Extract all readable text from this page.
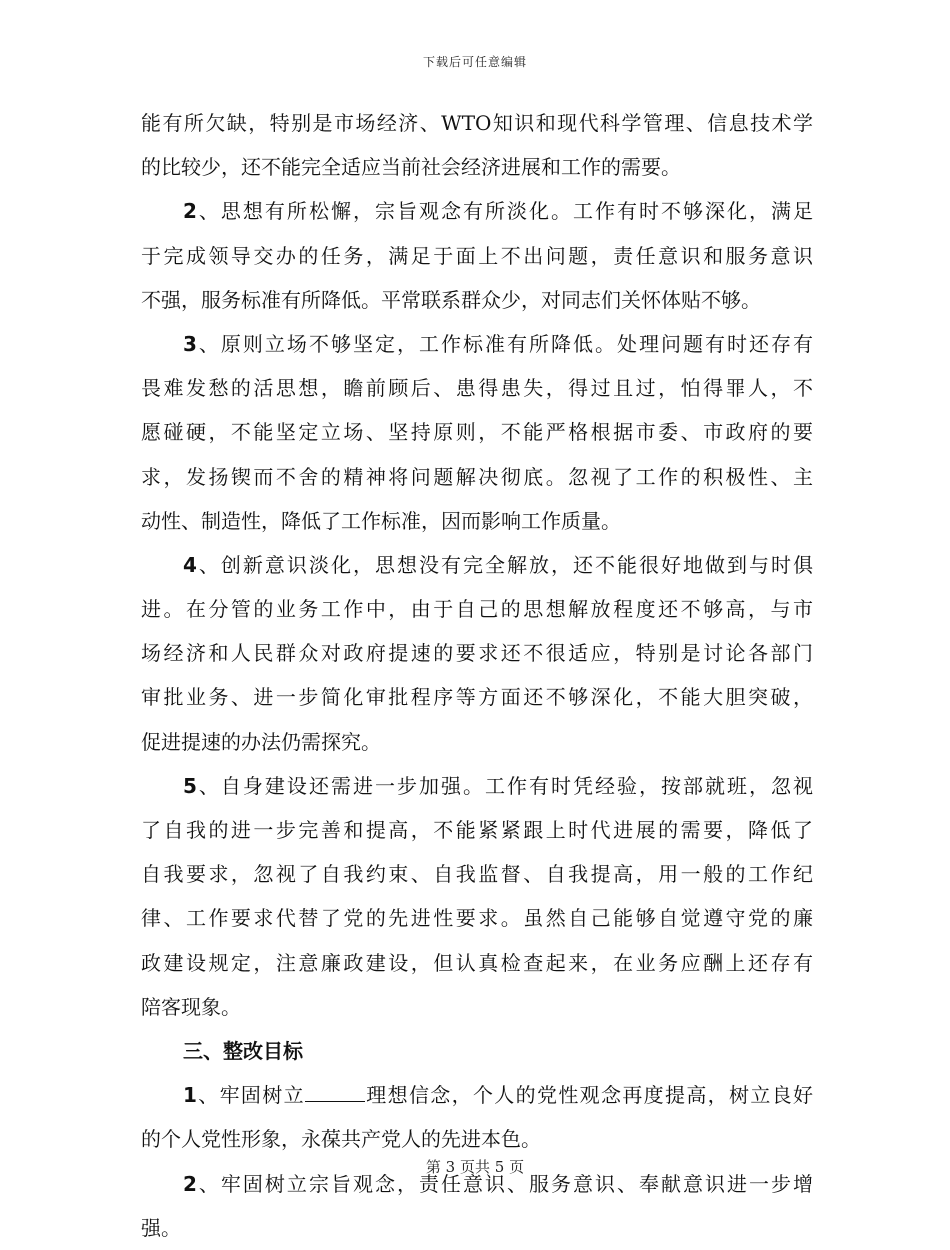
下载后可任意编辑
能有所欠缺，特别是市场经济、WTO知识和现代科学管理、信息技术学
的比较少，还不能完全适应当前社会经济进展和工作的需要。
2、思想有所松懈，宗旨观念有所淡化。工作有时不够深化，满足
于完成领导交办的任务，满足于面上不出问题，责任意识和服务意识
不强，服务标准有所降低。平常联系群众少，对同志们关怀体贴不够。
3、原则立场不够坚定，工作标准有所降低。处理问题有时还存有
畏难发愁的活思想，瞻前顾后、患得患失，得过且过，怕得罪人，不
愿碰硬，不能坚定立场、坚持原则，不能严格根据市委、市政府的要
求，发扬锲而不舍的精神将问题解决彻底。忽视了工作的积极性、主
动性、制造性，降低了工作标准，因而影响工作质量。
4、创新意识淡化，思想没有完全解放，还不能很好地做到与时俱
进。在分管的业务工作中，由于自己的思想解放程度还不够高，与市
场经济和人民群众对政府提速的要求还不很适应，特别是讨论各部门
审批业务、进一步简化审批程序等方面还不够深化，不能大胆突破，
促进提速的办法仍需探究。
5、自身建设还需进一步加强。工作有时凭经验，按部就班，忽视
了自我的进一步完善和提高，不能紧紧跟上时代进展的需要，降低了
自我要求，忽视了自我约束、自我监督、自我提高，用一般的工作纪
律、工作要求代替了党的先进性要求。虽然自己能够自觉遵守党的廉
政建设规定，注意廉政建设，但认真检查起来，在业务应酬上还存有
陪客现象。
三、整改目标
1、牢固树立	理想信念，个人的党性观念再度提高，树立良好
的个人党性形象，永葆共产党人的先进本色。
2、牢固树立宗旨观念，责任意识、服务意识、奉献意识进一步增
强。
第 3 页共 5 页
